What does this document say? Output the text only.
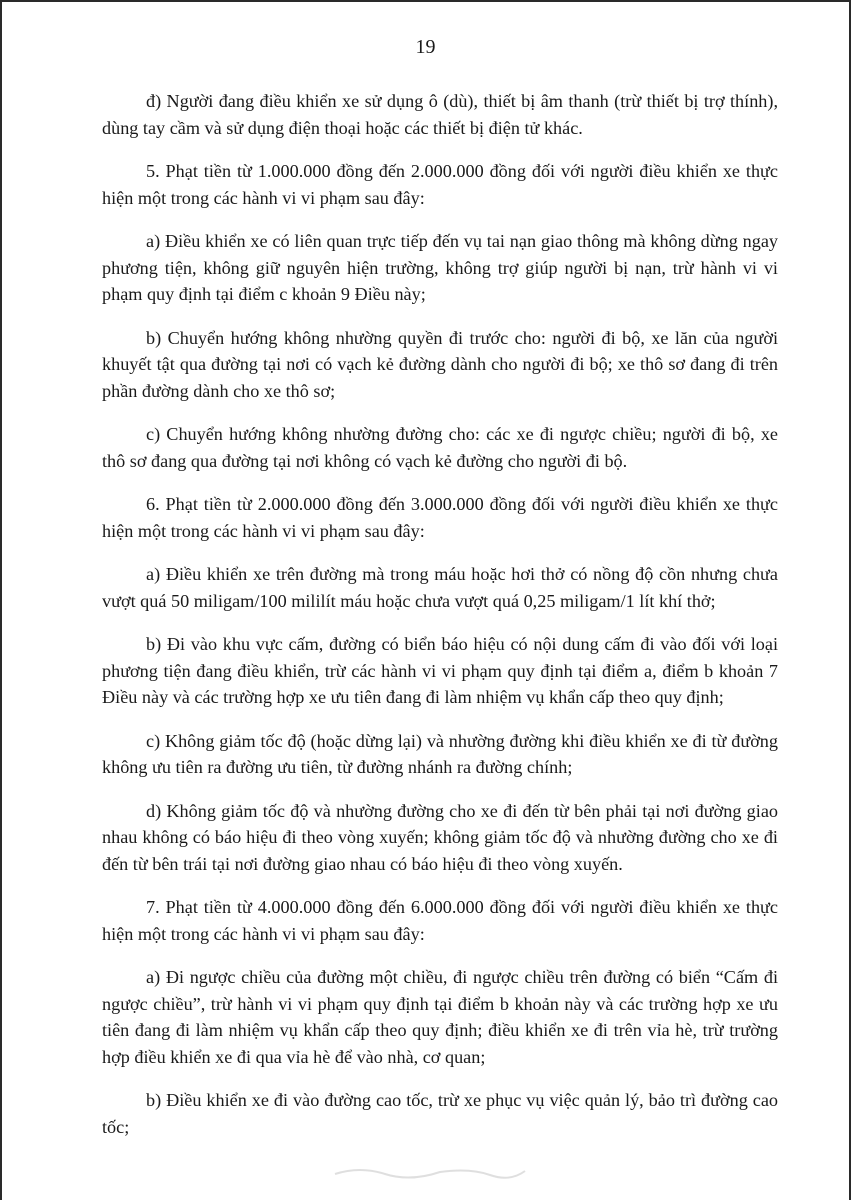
19

đ) Người đang điều khiển xe sử dụng ô (dù), thiết bị âm thanh (trừ thiết bị trợ thính), dùng tay cầm và sử dụng điện thoại hoặc các thiết bị điện tử khác.

5. Phạt tiền từ 1.000.000 đồng đến 2.000.000 đồng đối với người điều khiển xe thực hiện một trong các hành vi vi phạm sau đây:

a) Điều khiển xe có liên quan trực tiếp đến vụ tai nạn giao thông mà không dừng ngay phương tiện, không giữ nguyên hiện trường, không trợ giúp người bị nạn, trừ hành vi vi phạm quy định tại điểm c khoản 9 Điều này;

b) Chuyển hướng không nhường quyền đi trước cho: người đi bộ, xe lăn của người khuyết tật qua đường tại nơi có vạch kẻ đường dành cho người đi bộ; xe thô sơ đang đi trên phần đường dành cho xe thô sơ;

c) Chuyển hướng không nhường đường cho: các xe đi ngược chiều; người đi bộ, xe thô sơ đang qua đường tại nơi không có vạch kẻ đường cho người đi bộ.

6. Phạt tiền từ 2.000.000 đồng đến 3.000.000 đồng đối với người điều khiển xe thực hiện một trong các hành vi vi phạm sau đây:

a) Điều khiển xe trên đường mà trong máu hoặc hơi thở có nồng độ cồn nhưng chưa vượt quá 50 miligam/100 mililít máu hoặc chưa vượt quá 0,25 miligam/1 lít khí thở;

b) Đi vào khu vực cấm, đường có biển báo hiệu có nội dung cấm đi vào đối với loại phương tiện đang điều khiển, trừ các hành vi vi phạm quy định tại điểm a, điểm b khoản 7 Điều này và các trường hợp xe ưu tiên đang đi làm nhiệm vụ khẩn cấp theo quy định;

c) Không giảm tốc độ (hoặc dừng lại) và nhường đường khi điều khiển xe đi từ đường không ưu tiên ra đường ưu tiên, từ đường nhánh ra đường chính;

d) Không giảm tốc độ và nhường đường cho xe đi đến từ bên phải tại nơi đường giao nhau không có báo hiệu đi theo vòng xuyến; không giảm tốc độ và nhường đường cho xe đi đến từ bên trái tại nơi đường giao nhau có báo hiệu đi theo vòng xuyến.

7. Phạt tiền từ 4.000.000 đồng đến 6.000.000 đồng đối với người điều khiển xe thực hiện một trong các hành vi vi phạm sau đây:

a) Đi ngược chiều của đường một chiều, đi ngược chiều trên đường có biển “Cấm đi ngược chiều”, trừ hành vi vi phạm quy định tại điểm b khoản này và các trường hợp xe ưu tiên đang đi làm nhiệm vụ khẩn cấp theo quy định; điều khiển xe đi trên vỉa hè, trừ trường hợp điều khiển xe đi qua vỉa hè để vào nhà, cơ quan;

b) Điều khiển xe đi vào đường cao tốc, trừ xe phục vụ việc quản lý, bảo trì đường cao tốc;
